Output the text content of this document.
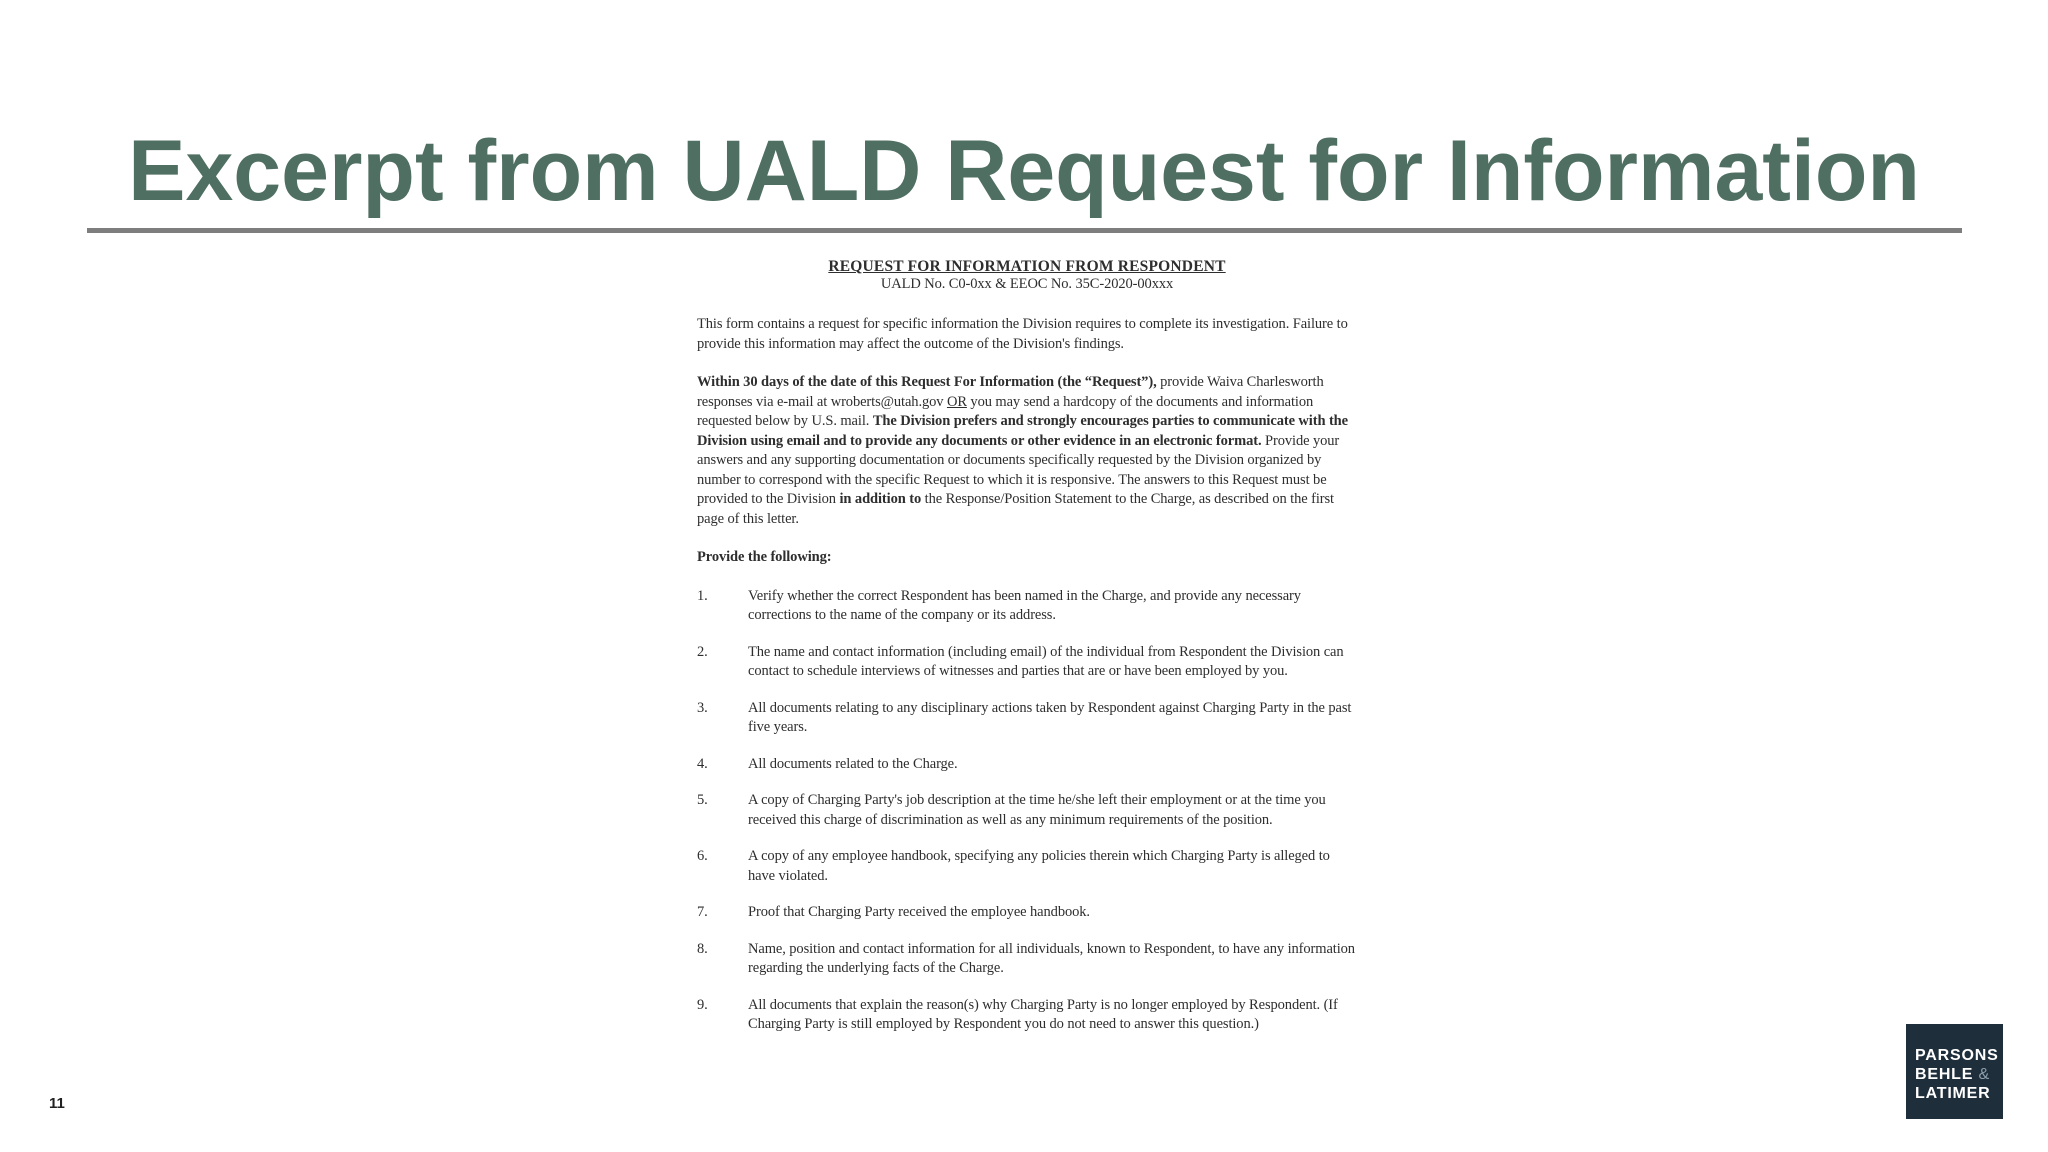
Excerpt from UALD Request for Information
REQUEST FOR INFORMATION FROM RESPONDENT
UALD No. C0-0xx & EEOC No. 35C-2020-00xxx

This form contains a request for specific information the Division requires to complete its investigation. Failure to provide this information may affect the outcome of the Division's findings.

Within 30 days of the date of this Request For Information (the “Request”), provide Waiva Charlesworth responses via e-mail at wroberts@utah.gov OR you may send a hardcopy of the documents and information requested below by U.S. mail. The Division prefers and strongly encourages parties to communicate with the Division using email and to provide any documents or other evidence in an electronic format. Provide your answers and any supporting documentation or documents specifically requested by the Division organized by number to correspond with the specific Request to which it is responsive. The answers to this Request must be provided to the Division in addition to the Response/Position Statement to the Charge, as described on the first page of this letter.

Provide the following:

1.	Verify whether the correct Respondent has been named in the Charge, and provide any necessary corrections to the name of the company or its address.
2.	The name and contact information (including email) of the individual from Respondent the Division can contact to schedule interviews of witnesses and parties that are or have been employed by you.
3.	All documents relating to any disciplinary actions taken by Respondent against Charging Party in the past five years.
4.	All documents related to the Charge.
5.	A copy of Charging Party's job description at the time he/she left their employment or at the time you received this charge of discrimination as well as any minimum requirements of the position.
6.	A copy of any employee handbook, specifying any policies therein which Charging Party is alleged to have violated.
7.	Proof that Charging Party received the employee handbook.
8.	Name, position and contact information for all individuals, known to Respondent, to have any information regarding the underlying facts of the Charge.
9.	All documents that explain the reason(s) why Charging Party is no longer employed by Respondent. (If Charging Party is still employed by Respondent you do not need to answer this question.)
11
PARSONS
BEHLE &
LATIMER
